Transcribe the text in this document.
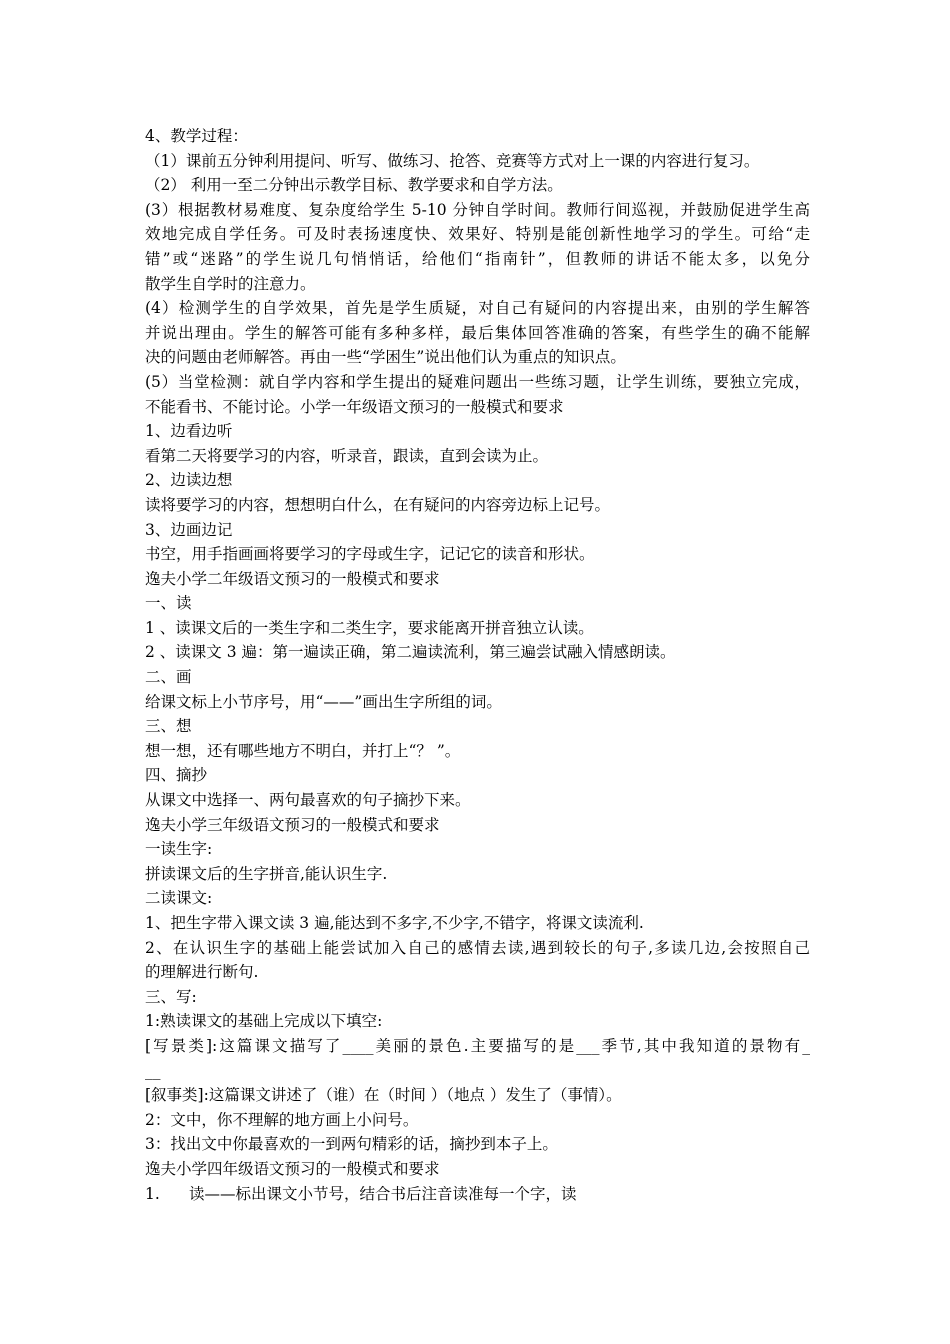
4、教学过程：
（1）课前五分钟利用提问、听写、做练习、抢答、竞赛等方式对上一课的内容进行复习。
（2） 利用一至二分钟出示教学目标、教学要求和自学方法。
(3）根据教材易难度、复杂度给学生 5-10 分钟自学时间。教师行间巡视，并鼓励促进学生高
效地完成自学任务。可及时表扬速度快、效果好、特别是能创新性地学习的学生。可给“走
错”或“迷路”的学生说几句悄悄话，给他们“指南针”，但教师的讲话不能太多，以免分
散学生自学时的注意力。
(4）检测学生的自学效果，首先是学生质疑，对自己有疑问的内容提出来，由别的学生解答
并说出理由。学生的解答可能有多种多样，最后集体回答准确的答案，有些学生的确不能解
决的问题由老师解答。再由一些“学困生”说出他们认为重点的知识点。
(5）当堂检测：就自学内容和学生提出的疑难问题出一些练习题，让学生训练，要独立完成，
不能看书、不能讨论。小学一年级语文预习的一般模式和要求
1、边看边听
看第二天将要学习的内容，听录音，跟读，直到会读为止。
2、边读边想
读将要学习的内容，想想明白什么，在有疑问的内容旁边标上记号。
3、边画边记
书空，用手指画画将要学习的字母或生字，记记它的读音和形状。
逸夫小学二年级语文预习的一般模式和要求
一、读
1 、读课文后的一类生字和二类生字，要求能离开拼音独立认读。
2 、读课文 3 遍：第一遍读正确，第二遍读流利，第三遍尝试融入情感朗读。
二、画
给课文标上小节序号，用“——”画出生字所组的词。
三、想
想一想，还有哪些地方不明白，并打上“？ ”。
四、摘抄
从课文中选择一、两句最喜欢的句子摘抄下来。
逸夫小学三年级语文预习的一般模式和要求
一读生字:
拼读课文后的生字拼音,能认识生字.
二读课文:
1、把生字带入课文读 3 遍,能达到不多字,不少字,不错字，将课文读流利.
2、在认识生字的基础上能尝试加入自己的感情去读,遇到较长的句子,多读几边,会按照自己
的理解进行断句.
三、写:
1:熟读课文的基础上完成以下填空:
[写景类]:这篇课文描写了____美丽的景色.主要描写的是___季节,其中我知道的景物有_
__
[叙事类]:这篇课文讲述了（谁）在（时间 ）（地点 ）发生了（事情）。
2：文中，你不理解的地方画上小问号。
3：找出文中你最喜欢的一到两句精彩的话，摘抄到本子上。
逸夫小学四年级语文预习的一般模式和要求
1. 读——标出课文小节号，结合书后注音读准每一个字，读
